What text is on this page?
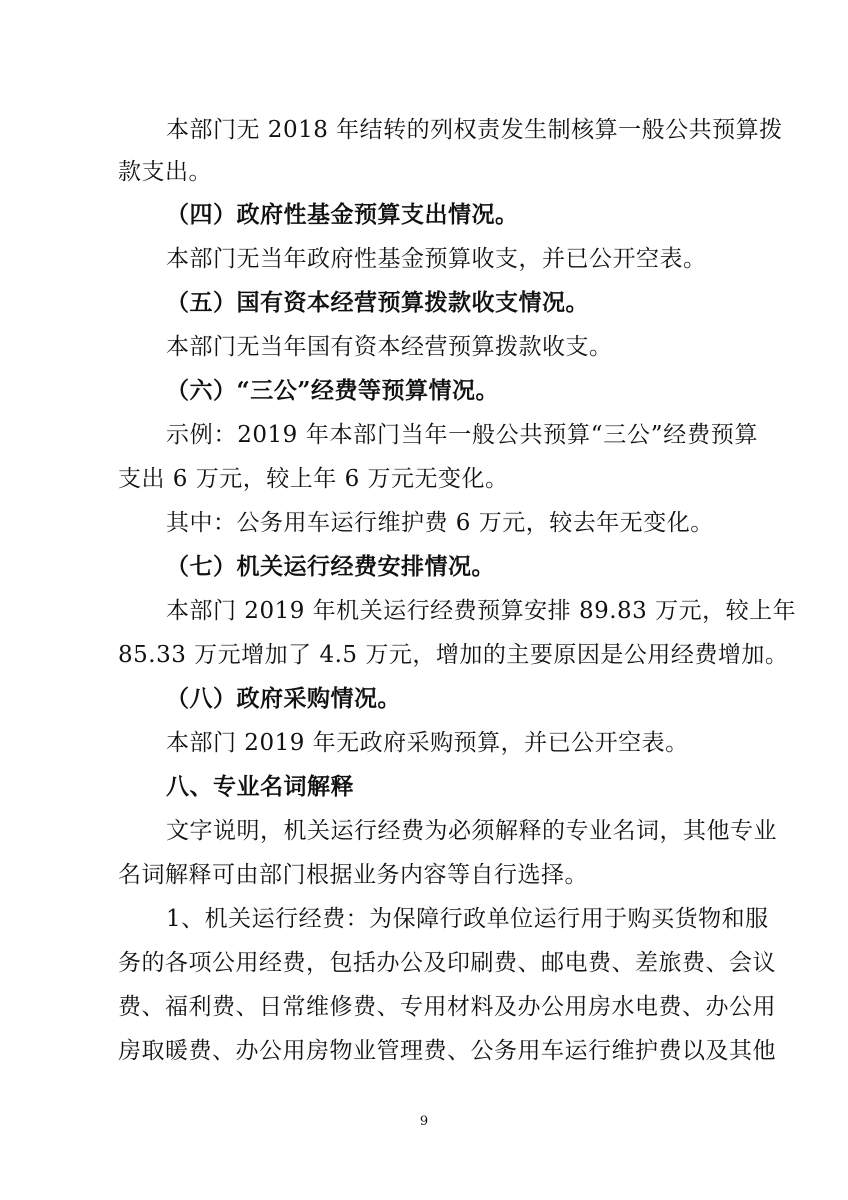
本部门无 2018 年结转的列权责发生制核算一般公共预算拨
款支出。
（四）政府性基金预算支出情况。
本部门无当年政府性基金预算收支，并已公开空表。
（五）国有资本经营预算拨款收支情况。
本部门无当年国有资本经营预算拨款收支。
（六）“三公”经费等预算情况。
示例：2019 年本部门当年一般公共预算“三公”经费预算
支出 6 万元，较上年 6 万元无变化。
其中：公务用车运行维护费 6 万元，较去年无变化。
（七）机关运行经费安排情况。
本部门 2019 年机关运行经费预算安排 89.83 万元，较上年
85.33 万元增加了 4.5 万元，增加的主要原因是公用经费增加。
（八）政府采购情况。
本部门 2019 年无政府采购预算，并已公开空表。
八、专业名词解释
文字说明，机关运行经费为必须解释的专业名词，其他专业
名词解释可由部门根据业务内容等自行选择。
1、机关运行经费：为保障行政单位运行用于购买货物和服
务的各项公用经费，包括办公及印刷费、邮电费、差旅费、会议
费、福利费、日常维修费、专用材料及办公用房水电费、办公用
房取暖费、办公用房物业管理费、公务用车运行维护费以及其他
9
